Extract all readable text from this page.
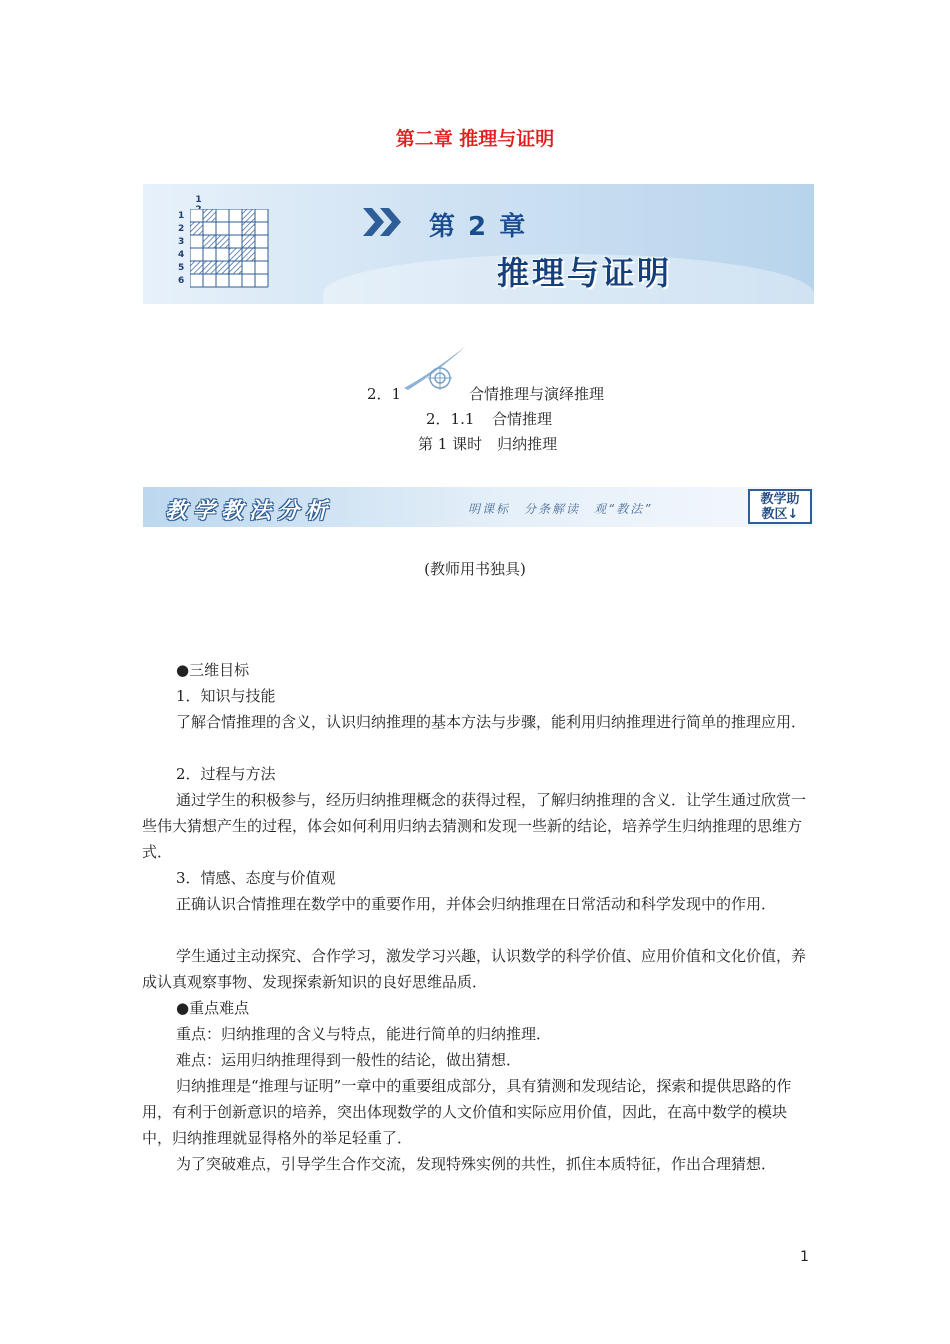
第二章 推理与证明
1
1
2
3
4
5
6
第 2 章
推理与证明
2．1	合情推理与演绎推理
2．1.1 合情推理
第 1 课时　归纳推理
教学教法分析	明课标　分条解读　观“教法”
教学助
教区↓
(教师用书独具)
●三维目标
1．知识与技能
了解合情推理的含义，认识归纳推理的基本方法与步骤，能利用归纳推理进行简单的推理应用．
2．过程与方法
通过学生的积极参与，经历归纳推理概念的获得过程，了解归纳推理的含义．让学生通过欣赏一些伟大猜想产生的过程，体会如何利用归纳去猜测和发现一些新的结论，培养学生归纳推理的思维方式．
3．情感、态度与价值观
正确认识合情推理在数学中的重要作用，并体会归纳推理在日常活动和科学发现中的作用．
学生通过主动探究、合作学习，激发学习兴趣，认识数学的科学价值、应用价值和文化价值，养成认真观察事物、发现探索新知识的良好思维品质．
●重点难点
重点：归纳推理的含义与特点，能进行简单的归纳推理．
难点：运用归纳推理得到一般性的结论，做出猜想．
归纳推理是“推理与证明”一章中的重要组成部分，具有猜测和发现结论，探索和提供思路的作用，有利于创新意识的培养，突出体现数学的人文价值和实际应用价值，因此，在高中数学的模块中，归纳推理就显得格外的举足轻重了．
为了突破难点，引导学生合作交流，发现特殊实例的共性，抓住本质特征，作出合理猜想．
1
